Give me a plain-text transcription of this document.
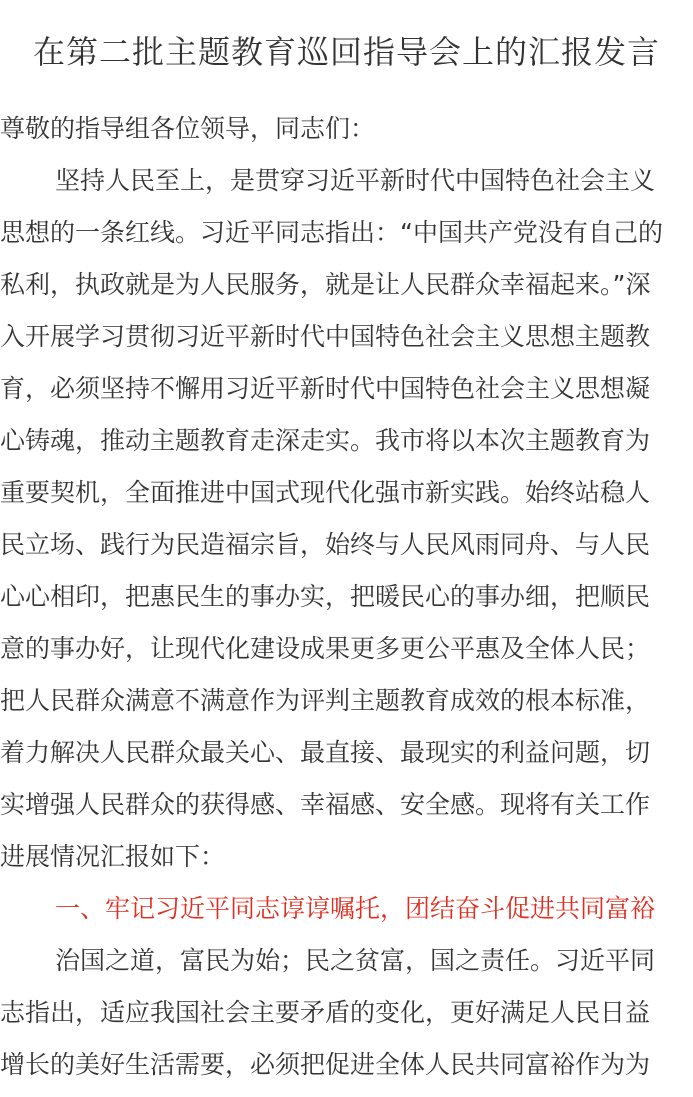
在第二批主题教育巡回指导会上的汇报发言
尊敬的指导组各位领导，同志们：
坚持人民至上，是贯穿习近平新时代中国特色社会主义
思想的一条红线。习近平同志指出：“中国共产党没有自己的
私利，执政就是为人民服务，就是让人民群众幸福起来。”深
入开展学习贯彻习近平新时代中国特色社会主义思想主题教
育，必须坚持不懈用习近平新时代中国特色社会主义思想凝
心铸魂，推动主题教育走深走实。我市将以本次主题教育为
重要契机，全面推进中国式现代化强市新实践。始终站稳人
民立场、践行为民造福宗旨，始终与人民风雨同舟、与人民
心心相印，把惠民生的事办实，把暖民心的事办细，把顺民
意的事办好，让现代化建设成果更多更公平惠及全体人民；
把人民群众满意不满意作为评判主题教育成效的根本标准，
着力解决人民群众最关心、最直接、最现实的利益问题，切
实增强人民群众的获得感、幸福感、安全感。现将有关工作
进展情况汇报如下：
一、牢记习近平同志谆谆嘱托，团结奋斗促进共同富裕
治国之道，富民为始；民之贫富，国之责任。习近平同
志指出，适应我国社会主要矛盾的变化，更好满足人民日益
增长的美好生活需要，必须把促进全体人民共同富裕作为为
